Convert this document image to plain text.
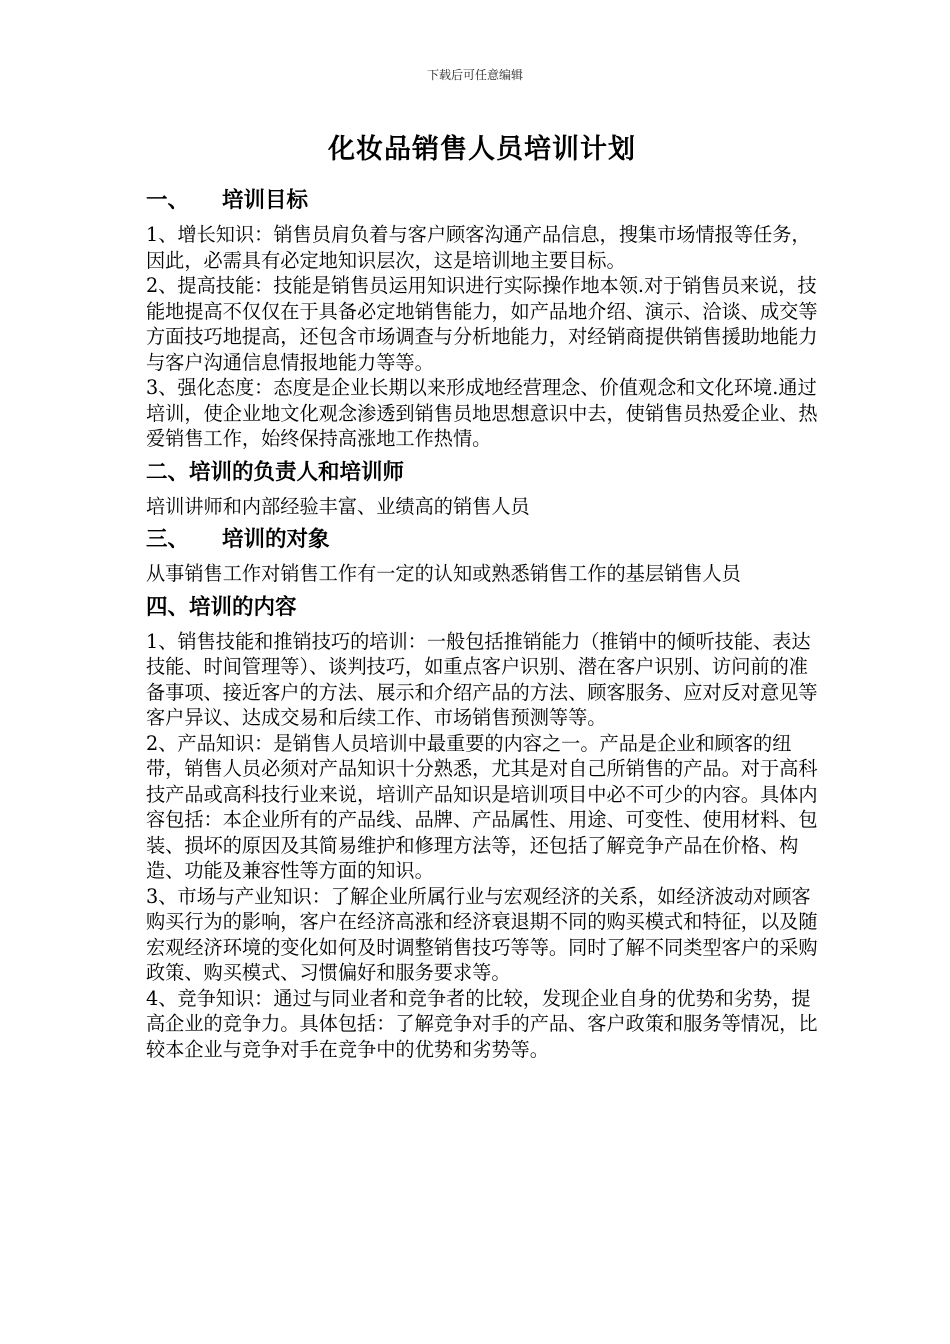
下载后可任意编辑
化妆品销售人员培训计划
一、 培训目标

1、增长知识：销售员肩负着与客户顾客沟通产品信息，搜集市场情报等任务，因此，必需具有必定地知识层次，这是培训地主要目标。

2、提高技能：技能是销售员运用知识进行实际操作地本领.对于销售员来说，技能地提高不仅仅在于具备必定地销售能力，如产品地介绍、演示、洽谈、成交等方面技巧地提高，还包含市场调查与分析地能力，对经销商提供销售援助地能力与客户沟通信息情报地能力等等。

3、强化态度：态度是企业长期以来形成地经营理念、价值观念和文化环境.通过培训，使企业地文化观念渗透到销售员地思想意识中去，使销售员热爱企业、热爱销售工作，始终保持高涨地工作热情。

二、培训的负责人和培训师

培训讲师和内部经验丰富、业绩高的销售人员

三、 培训的对象

从事销售工作对销售工作有一定的认知或熟悉销售工作的基层销售人员

四、培训的内容

1、销售技能和推销技巧的培训：一般包括推销能力（推销中的倾听技能、表达技能、时间管理等）、谈判技巧，如重点客户识别、潜在客户识别、访问前的准备事项、接近客户的方法、展示和介绍产品的方法、顾客服务、应对反对意见等客户异议、达成交易和后续工作、市场销售预测等等。

2、产品知识：是销售人员培训中最重要的内容之一。产品是企业和顾客的纽带，销售人员必须对产品知识十分熟悉，尤其是对自己所销售的产品。对于高科技产品或高科技行业来说，培训产品知识是培训项目中必不可少的内容。具体内容包括：本企业所有的产品线、品牌、产品属性、用途、可变性、使用材料、包装、损坏的原因及其简易维护和修理方法等，还包括了解竞争产品在价格、构造、功能及兼容性等方面的知识。

3、市场与产业知识：了解企业所属行业与宏观经济的关系，如经济波动对顾客购买行为的影响，客户在经济高涨和经济衰退期不同的购买模式和特征，以及随宏观经济环境的变化如何及时调整销售技巧等等。同时了解不同类型客户的采购政策、购买模式、习惯偏好和服务要求等。

4、竞争知识：通过与同业者和竞争者的比较，发现企业自身的优势和劣势，提高企业的竞争力。具体包括：了解竞争对手的产品、客户政策和服务等情况，比较本企业与竞争对手在竞争中的优势和劣势等。
